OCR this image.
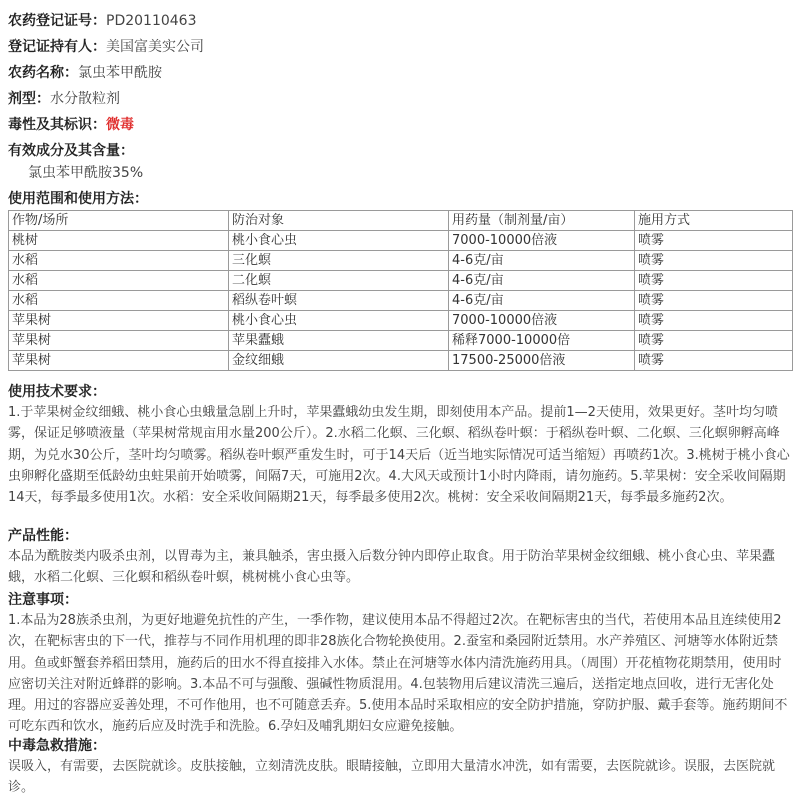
农药登记证号：PD20110463
登记证持有人：美国富美实公司
农药名称：氯虫苯甲酰胺
剂型：水分散粒剂
毒性及其标识：微毒
有效成分及其含量：
氯虫苯甲酰胺35%
使用范围和使用方法：
作物/场所	防治对象	用药量（制剂量/亩）	施用方式
桃树	桃小食心虫	7000-10000倍液	喷雾
水稻	三化螟	4-6克/亩	喷雾
水稻	二化螟	4-6克/亩	喷雾
水稻	稻纵卷叶螟	4-6克/亩	喷雾
苹果树	桃小食心虫	7000-10000倍液	喷雾
苹果树	苹果蠹蛾	稀释7000-10000倍	喷雾
苹果树	金纹细蛾	17500-25000倍液	喷雾
使用技术要求：
1.于苹果树金纹细蛾、桃小食心虫蛾量急剧上升时，苹果蠹蛾幼虫发生期，即刻使用本产品。提前1—2天使用，效果更好。茎叶均匀喷雾，保证足够喷液量（苹果树常规亩用水量200公斤）。2.水稻二化螟、三化螟、稻纵卷叶螟：于稻纵卷叶螟、二化螟、三化螟卵孵高峰期，为兑水30公斤，茎叶均匀喷雾。稻纵卷叶螟严重发生时，可于14天后（近当地实际情况可适当缩短）再喷药1次。3.桃树于桃小食心虫卵孵化盛期至低龄幼虫蛀果前开始喷雾，间隔7天，可施用2次。4.大风天或预计1小时内降雨，请勿施药。5.苹果树：安全采收间隔期14天，每季最多使用1次。水稻：安全采收间隔期21天，每季最多使用2次。桃树：安全采收间隔期21天，每季最多施药2次。
产品性能：
本品为酰胺类内吸杀虫剂，以胃毒为主，兼具触杀，害虫摄入后数分钟内即停止取食。用于防治苹果树金纹细蛾、桃小食心虫、苹果蠹蛾，水稻二化螟、三化螟和稻纵卷叶螟，桃树桃小食心虫等。
注意事项：
1.本品为28族杀虫剂，为更好地避免抗性的产生，一季作物，建议使用本品不得超过2次。在靶标害虫的当代，若使用本品且连续使用2次，在靶标害虫的下一代，推荐与不同作用机理的即非28族化合物轮换使用。2.蚕室和桑园附近禁用。水产养殖区、河塘等水体附近禁用。鱼或虾蟹套养稻田禁用，施药后的田水不得直接排入水体。禁止在河塘等水体内清洗施药用具。（周围）开花植物花期禁用，使用时应密切关注对附近蜂群的影响。3.本品不可与强酸、强碱性物质混用。4.包装物用后建议清洗三遍后，送指定地点回收，进行无害化处理。用过的容器应妥善处理，不可作他用，也不可随意丢弃。5.使用本品时采取相应的安全防护措施，穿防护服、戴手套等。施药期间不可吃东西和饮水，施药后应及时洗手和洗脸。6.孕妇及哺乳期妇女应避免接触。
中毒急救措施：
误吸入，有需要，去医院就诊。皮肤接触，立刻清洗皮肤。眼睛接触，立即用大量清水冲洗，如有需要，去医院就诊。误服，去医院就诊。
